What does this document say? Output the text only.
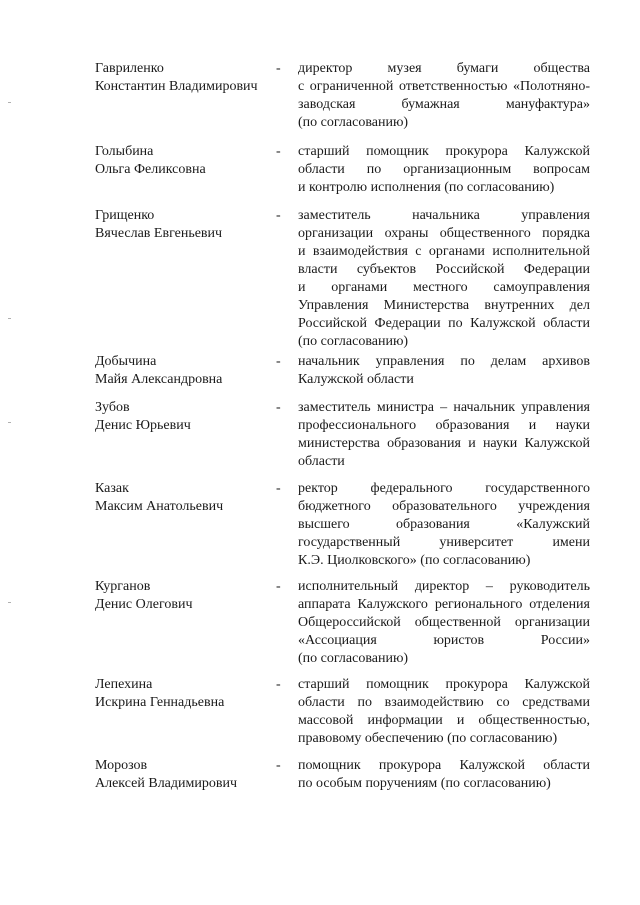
Гавриленко
Константин Владимирович
- директор музея бумаги общества
с ограниченной ответственностью «Полотняно-
заводская бумажная мануфактура»
(по согласованию)
Голыбина
Ольга Феликсовна
- старший помощник прокурора Калужской
области по организационным вопросам
и контролю исполнения (по согласованию)
Грищенко
Вячеслав Евгеньевич
- заместитель начальника управления
организации охраны общественного порядка
и взаимодействия с органами исполнительной
власти субъектов Российской Федерации
и органами местного самоуправления
Управления Министерства внутренних дел
Российской Федерации по Калужской области
(по согласованию)
Добычина
Майя Александровна
- начальник управления по делам архивов
Калужской области
Зубов
Денис Юрьевич
- заместитель министра – начальник управления
профессионального образования и науки
министерства образования и науки Калужской
области
Казак
Максим Анатольевич
- ректор федерального государственного
бюджетного образовательного учреждения
высшего образования «Калужский
государственный университет имени
К.Э. Циолковского» (по согласованию)
Курганов
Денис Олегович
- исполнительный директор – руководитель
аппарата Калужского регионального отделения
Общероссийской общественной организации
«Ассоциация юристов России»
(по согласованию)
Лепехина
Искрина Геннадьевна
- старший помощник прокурора Калужской
области по взаимодействию со средствами
массовой информации и общественностью,
правовому обеспечению (по согласованию)
Морозов
Алексей Владимирович
- помощник прокурора Калужской области
по особым поручениям (по согласованию)
